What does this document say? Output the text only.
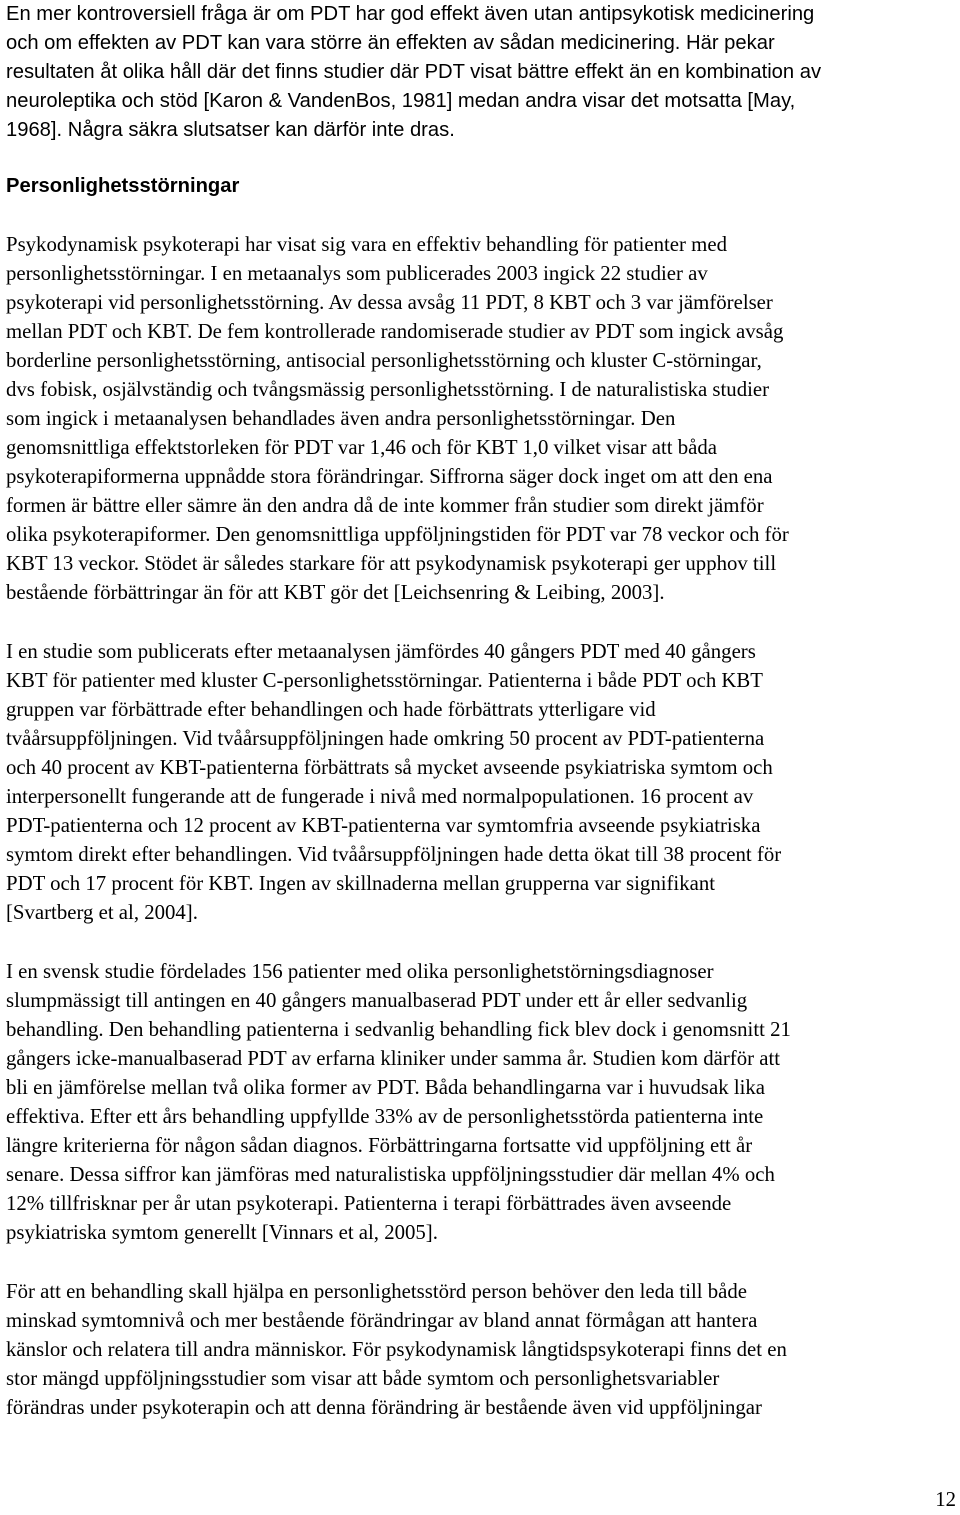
En mer kontroversiell fråga är om PDT har god effekt även utan antipsykotisk medicinering
och om effekten av PDT kan vara större än effekten av sådan medicinering. Här pekar
resultaten åt olika håll där det finns studier där PDT visat bättre effekt än en kombination av
neuroleptika och stöd [Karon & VandenBos, 1981] medan andra visar det motsatta [May,
1968]. Några säkra slutsatser kan därför inte dras.
Personlighetsstörningar
Psykodynamisk psykoterapi har visat sig vara en effektiv behandling för patienter med
personlighetsstörningar. I en metaanalys som publicerades 2003 ingick 22 studier av
psykoterapi vid personlighetsstörning. Av dessa avsåg 11 PDT, 8 KBT och 3 var jämförelser
mellan PDT och KBT. De fem kontrollerade randomiserade studier av PDT som ingick avsåg
borderline personlighetsstörning, antisocial personlighetsstörning och kluster C-störningar,
dvs fobisk, osjälvständig och tvångsmässig personlighetsstörning. I de naturalistiska studier
som ingick i metaanalysen behandlades även andra personlighetsstörningar. Den
genomsnittliga effektstorleken för PDT var 1,46 och för KBT 1,0 vilket visar att båda
psykoterapiformerna uppnådde stora förändringar. Siffrorna säger dock inget om att den ena
formen är bättre eller sämre än den andra då de inte kommer från studier som direkt jämför
olika psykoterapiformer. Den genomsnittliga uppföljningstiden för PDT var 78 veckor och för
KBT 13 veckor. Stödet är således starkare för att psykodynamisk psykoterapi ger upphov till
bestående förbättringar än för att KBT gör det [Leichsenring & Leibing, 2003].
I en studie som publicerats efter metaanalysen jämfördes 40 gångers PDT med 40 gångers
KBT för patienter med kluster C-personlighetsstörningar. Patienterna i både PDT och KBT
gruppen var förbättrade efter behandlingen och hade förbättrats ytterligare vid
tvåårsuppföljningen. Vid tvåårsuppföljningen hade omkring 50 procent av PDT-patienterna
och 40 procent av KBT-patienterna förbättrats så mycket avseende psykiatriska symtom och
interpersonellt fungerande att de fungerade i nivå med normalpopulationen. 16 procent av
PDT-patienterna och 12 procent av KBT-patienterna var symtomfria avseende psykiatriska
symtom direkt efter behandlingen. Vid tvåårsuppföljningen hade detta ökat till 38 procent för
PDT och 17 procent för KBT. Ingen av skillnaderna mellan grupperna var signifikant
[Svartberg et al, 2004].
I en svensk studie fördelades 156 patienter med olika personlighetstörningsdiagnoser
slumpmässigt till antingen en 40 gångers manualbaserad PDT under ett år eller sedvanlig
behandling. Den behandling patienterna i sedvanlig behandling fick blev dock i genomsnitt 21
gångers icke-manualbaserad PDT av erfarna kliniker under samma år. Studien kom därför att
bli en jämförelse mellan två olika former av PDT. Båda behandlingarna var i huvudsak lika
effektiva. Efter ett års behandling uppfyllde 33% av de personlighetsstörda patienterna inte
längre kriterierna för någon sådan diagnos. Förbättringarna fortsatte vid uppföljning ett år
senare. Dessa siffror kan jämföras med naturalistiska uppföljningsstudier där mellan 4% och
12% tillfrisknar per år utan psykoterapi. Patienterna i terapi förbättrades även avseende
psykiatriska symtom generellt [Vinnars et al, 2005].
För att en behandling skall hjälpa en personlighetsstörd person behöver den leda till både
minskad symtomnivå och mer bestående förändringar av bland annat förmågan att hantera
känslor och relatera till andra människor. För psykodynamisk långtidspsykoterapi finns det en
stor mängd uppföljningsstudier som visar att både symtom och personlighetsvariabler
förändras under psykoterapin och att denna förändring är bestående även vid uppföljningar
12
